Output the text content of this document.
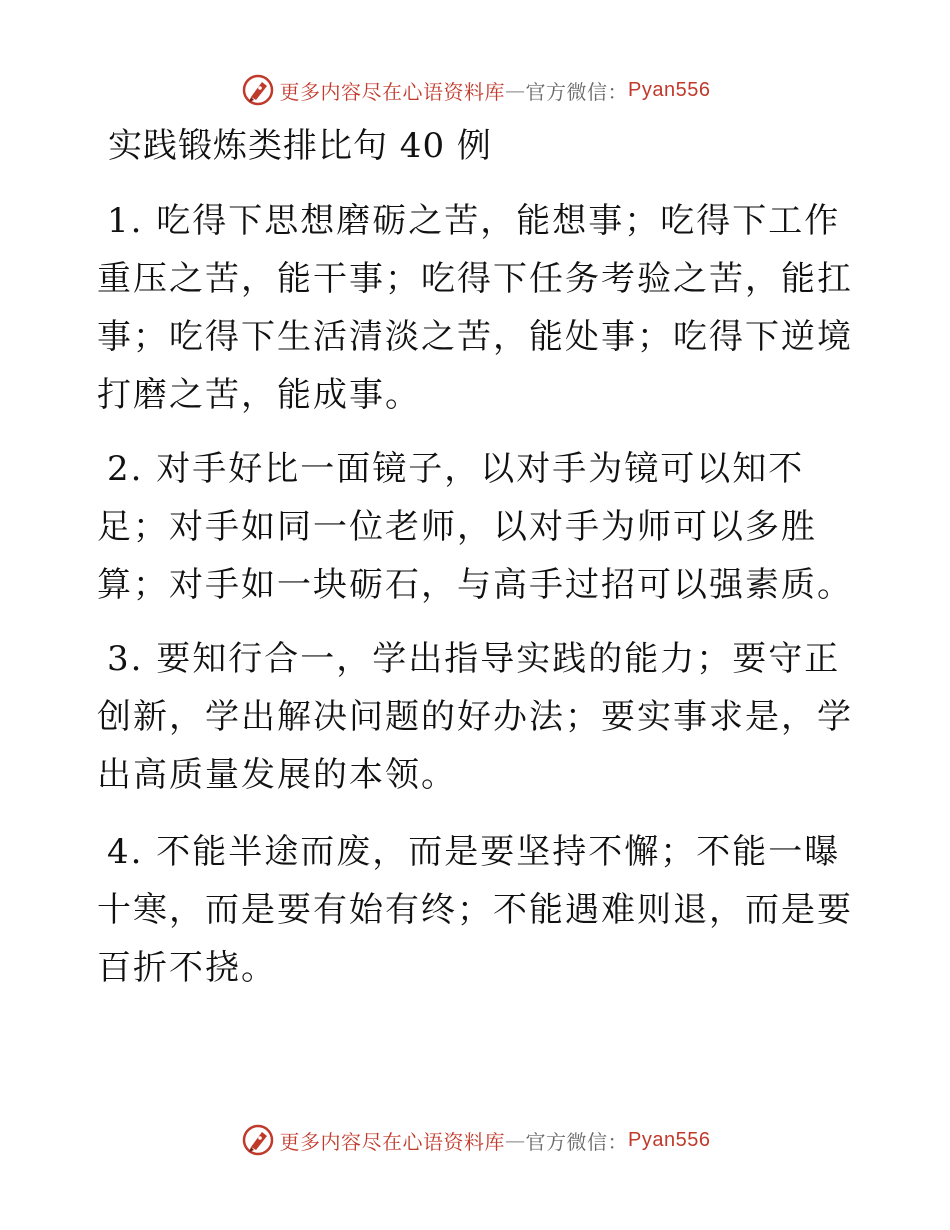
更多内容尽在心语资料库 — 官方微信： Pyan556
实践锻炼类排比句 40 例

1. 吃得下思想磨砺之苦，能想事；吃得下工作重压之苦，能干事；吃得下任务考验之苦，能扛事；吃得下生活清淡之苦，能处事；吃得下逆境打磨之苦，能成事。

2. 对手好比一面镜子，以对手为镜可以知不足；对手如同一位老师，以对手为师可以多胜算；对手如一块砺石，与高手过招可以强素质。

3. 要知行合一，学出指导实践的能力；要守正创新，学出解决问题的好办法；要实事求是，学出高质量发展的本领。

4. 不能半途而废，而是要坚持不懈；不能一曝十寒，而是要有始有终；不能遇难则退，而是要百折不挠。

更多内容尽在心语资料库 — 官方微信： Pyan556
